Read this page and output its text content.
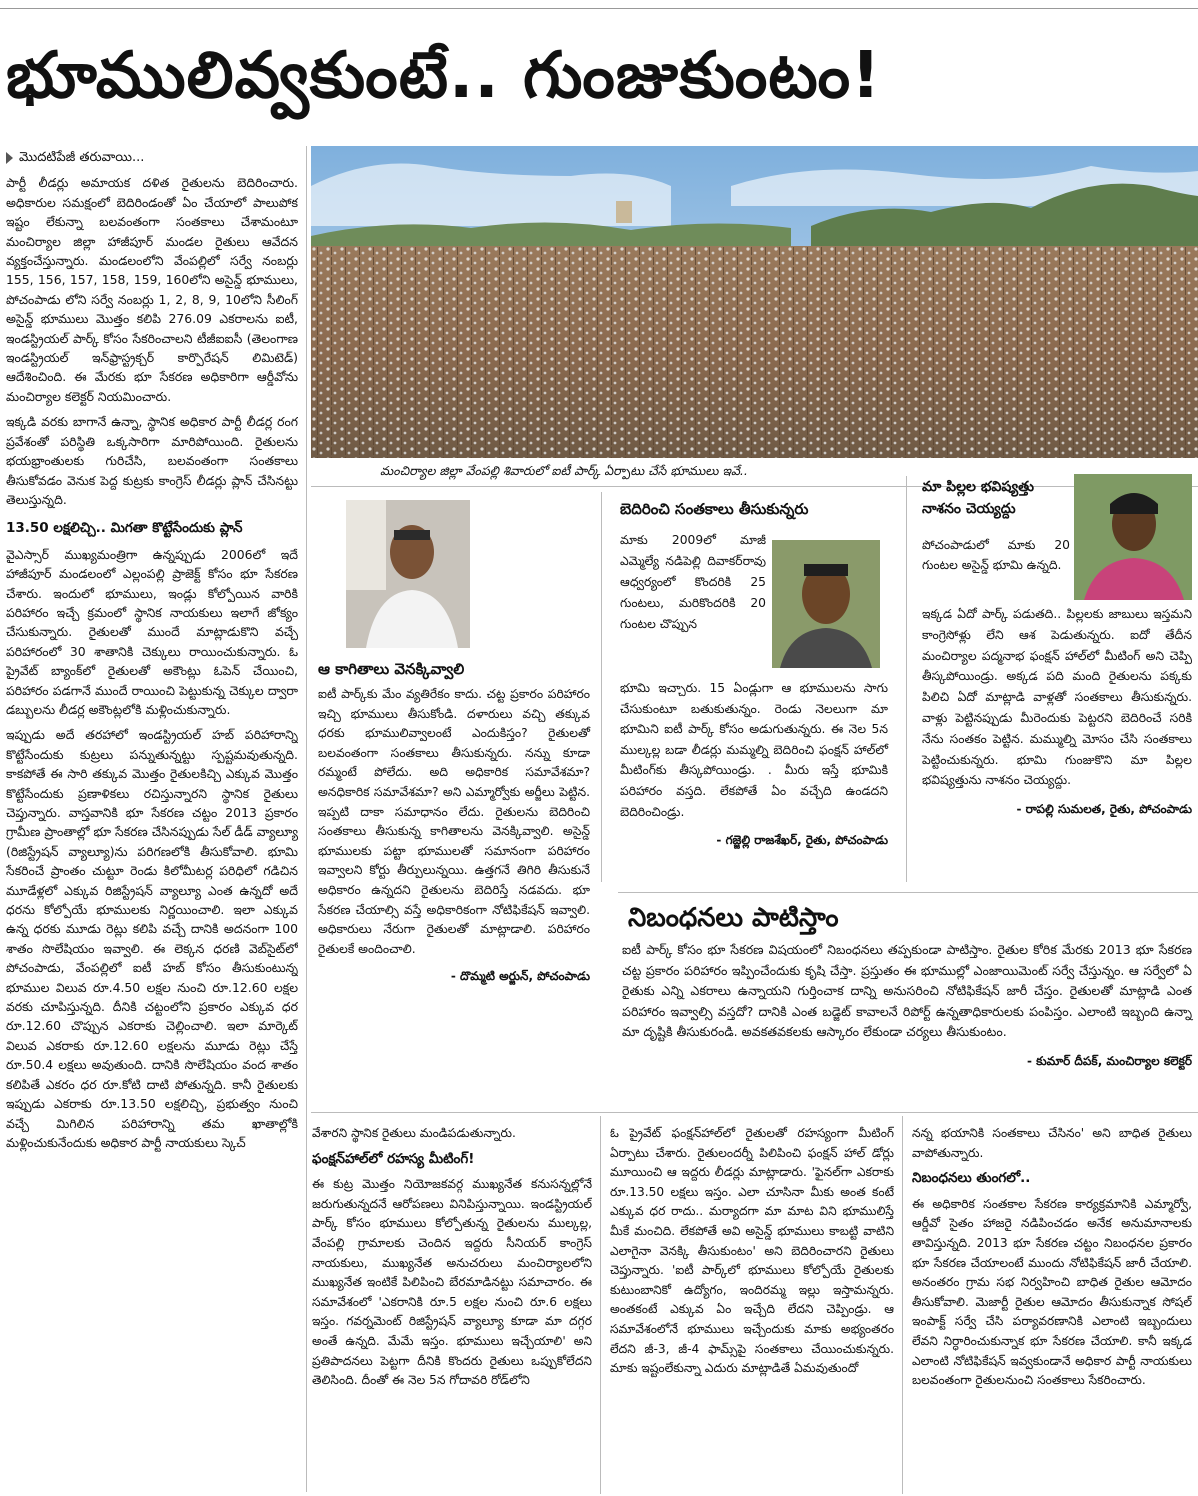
భూములివ్వకుంటే.. గుంజుకుంటం!
మొదటిపేజీ తరువాయి...

పార్టీ లీడర్లు అమాయక దళిత రైతులను బెదిరించారు. అధికారుల సమక్షంలో బెదిరిండంతో ఏం చేయాలో పాలుపోక ఇష్టం లేకున్నా బలవంతంగా సంతకాలు చేశామంటూ మంచిర్యాల జిల్లా హాజీపూర్ మండల రైతులు ఆవేదన వ్యక్తంచేస్తున్నారు. మండలంలోని వేంపల్లిలో సర్వే నంబర్లు 155, 156, 157, 158, 159, 160లోని అసైన్డ్ భూములు, పోచంపాడు లోని సర్వే నంబర్లు 1, 2, 8, 9, 10లోని సీలింగ్ అసైన్డ్ భూములు మొత్తం కలిపి 276.09 ఎకరాలను ఐటీ, ఇండస్ట్రియల్ పార్క్ కోసం సేకరించాలని టీజీఐఐసీ (తెలంగాణ ఇండస్ట్రియల్ ఇన్‌ఫ్రాస్ట్రక్చర్ కార్పొరేషన్ లిమిటెడ్) ఆదేశించింది. ఈ మేరకు భూ సేకరణ అధికారిగా ఆర్డీవోను మంచిర్యాల కలెక్టర్ నియమించారు.

ఇక్కడి వరకు బాగానే ఉన్నా, స్థానిక అధికార పార్టీ లీడర్ల రంగ ప్రవేశంతో పరిస్థితి ఒక్కసారిగా మారిపోయింది. రైతులను భయభ్రాంతులకు గురిచేసి, బలవంతంగా సంతకాలు తీసుకోవడం వెనుక పెద్ద కుట్రకు కాంగ్రెస్ లీడర్లు ప్లాన్ చేసినట్టు తెలుస్తున్నది.

13.50 లక్షలిచ్చి.. మిగతా కొట్టేసేందుకు ప్లాన్

వైఎస్సార్ ముఖ్యమంత్రిగా ఉన్నప్పుడు 2006లో ఇదే హాజీపూర్ మండలంలో ఎల్లంపల్లి ప్రాజెక్ట్ కోసం భూ సేకరణ చేశారు. ఇందులో భూములు, ఇండ్లు కోల్పోయిన వారికి పరిహారం ఇచ్చే క్రమంలో స్థానిక నాయకులు ఇలాగే జోక్యం చేసుకున్నారు. రైతులతో ముందే మాట్లాడుకొని వచ్చే పరిహారంలో 30 శాతానికి చెక్కులు రాయించుకున్నారు. ఓ ప్రైవేట్ బ్యాంక్‌లో రైతులతో అకౌంట్లు ఓపెన్ చేయించి, పరిహారం పడగానే ముందే రాయించి పెట్టుకున్న చెక్కుల ద్వారా డబ్బులను లీడర్ల అకౌంట్లలోకి మళ్లించుకున్నారు.

ఇప్పుడు అదే తరహాలో ఇండస్ట్రియల్ హబ్ పరిహారాన్ని కొట్టేసేందుకు కుట్రలు పన్నుతున్నట్టు స్పష్టమవుతున్నది. కాకపోతే ఈ సారి తక్కువ మొత్తం రైతులకిచ్చి ఎక్కువ మొత్తం కొట్టేసేందుకు ప్రణాళికలు రచిస్తున్నారని స్థానిక రైతులు చెప్తున్నారు. వాస్తవానికి భూ సేకరణ చట్టం 2013 ప్రకారం గ్రామీణ ప్రాంతాల్లో భూ సేకరణ చేసినప్పుడు సేల్ డీడ్ వ్యాల్యూ (రిజిస్ట్రేషన్ వ్యాల్యూ)ను పరిగణలోకి తీసుకోవాలి. భూమి సేకరించే ప్రాంతం చుట్టూ రెండు కిలోమీటర్ల పరిధిలో గడిచిన మూడేళ్లలో ఎక్కువ రిజిస్ట్రేషన్ వ్యాల్యూ ఎంత ఉన్నదో అదే ధరను కోల్పోయే భూములకు నిర్ణయించాలి. ఇలా ఎక్కువ ఉన్న ధరకు మూడు రెట్లు కలిపి వచ్చే దానికి అదనంగా 100 శాతం సొలేషియం ఇవ్వాలి. ఈ లెక్కన ధరణి వెబ్‌సైట్‌లో పోచంపాడు, వేంపల్లిలో ఐటీ హబ్ కోసం తీసుకుంటున్న భూముల విలువ రూ.4.50 లక్షల నుంచి రూ.12.60 లక్షల వరకు చూపిస్తున్నది. దీనికి చట్టంలోని ప్రకారం ఎక్కువ ధర రూ.12.60 చొప్పున ఎకరాకు చెల్లించాలి. ఇలా మార్కెట్ విలువ ఎకరాకు రూ.12.60 లక్షలను మూడు రెట్లు చేస్తే రూ.50.4 లక్షలు అవుతుంది. దానికి సొలేషియం వంద శాతం కలిపితే ఎకరం ధర రూ.కోటి దాటి పోతున్నది. కానీ రైతులకు ఇప్పుడు ఎకరాకు రూ.13.50 లక్షలిచ్చి, ప్రభుత్వం నుంచి వచ్చే మిగిలిన పరిహారాన్ని తమ ఖాతాల్లోకి మళ్లించుకునేందుకు అధికార పార్టీ నాయకులు స్కెచ్

మంచిర్యాల జిల్లా వేంపల్లి శివారులో ఐటీ పార్క్ ఏర్పాటు చేసే భూములు ఇవే..
ఆ కాగితాలు వెనక్కివ్వాలి

ఐటీ పార్క్‌కు మేం వ్యతిరేకం కాదు. చట్ట ప్రకారం పరిహారం ఇచ్చి భూములు తీసుకోండి. దళారులు వచ్చి తక్కువ ధరకు భూములివ్వాలంటే ఎందుకిస్తం? రైతులతో బలవంతంగా సంతకాలు తీసుకున్నరు. నన్ను కూడా రమ్మంటే పోలేదు. అది అధికారిక సమావేశమా? అనధికారిక సమావేశమా? అని ఎమ్మార్వోకు అర్జీలు పెట్టిన. ఇప్పటి దాకా సమాధానం లేదు. రైతులను బెదిరించి సంతకాలు తీసుకున్న కాగితాలను వెనక్కివ్వాలి. అసైన్డ్ భూములకు పట్టా భూములతో సమానంగా పరిహారం ఇవ్వాలని కోర్టు తీర్పులున్నయి. ఉత్తగనే తిగిరి తీసుకునే అధికారం ఉన్నదని రైతులను బెదిరిస్తే నడవదు. భూ సేకరణ చేయాల్సి వస్తే అధికారికంగా నోటిఫికేషన్ ఇవ్వాలి. అధికారులు నేరుగా రైతులతో మాట్లాడాలి. పరిహారం రైతులకే అందించాలి.

- దొమ్మటి అర్జున్, పోచంపాడు
బెదిరించి సంతకాలు తీసుకున్నరు

మాకు 2009లో మాజీ ఎమ్మెల్యే నడిపెల్లి దివాకర్‌రావు ఆధ్వర్యంలో కొందరికి 25 గుంటలు, మరికొందరికి 20 గుంటల చొప్పున

భూమి ఇచ్చారు. 15 ఏండ్లుగా ఆ భూములను సాగు చేసుకుంటూ బతుకుతున్నం. రెండు నెలలుగా మా భూమిని ఐటీ పార్క్ కోసం అడుగుతున్నరు. ఈ నెల 5న ముల్కల్ల బడా లీడర్లు మమ్మల్ని బెదిరించి ఫంక్షన్ హాల్‌లో మీటింగ్‌కు తీస్కపోయిండ్రు. . మీరు ఇస్తే భూమికి పరిహారం వస్తది. లేకపోతే ఏం వచ్చేది ఉండదని బెదిరించిండ్రు.

- గజ్జెల్లి రాజశేఖర్, రైతు, పోచంపాడు
మా పిల్లల భవిష్యత్తు
నాశనం చెయ్యద్దు

పోచంపాడులో మాకు 20 గుంటల అసైన్డ్ భూమి ఉన్నది.

ఇక్కడ ఏదో పార్క్ పడుతది.. పిల్లలకు జాబులు ఇస్తమని కాంగ్రెసోళ్లు లేని ఆశ పెడుతున్నరు. ఐదో తేదీన మంచిర్యాల పద్మనాభ ఫంక్షన్ హాల్‌లో మీటింగ్ అని చెప్పి తీస్కపోయిండ్రు. అక్కడ పది మంది రైతులను పక్కకు పిలిచి ఏదో మాట్లాడి వాళ్లతో సంతకాలు తీసుకున్నరు. వాళ్లు పెట్టినప్పుడు మీరెందుకు పెట్టరని బెదిరించే సరికి నేను సంతకం పెట్టిన. మమ్ముల్ని మోసం చేసి సంతకాలు పెట్టించుకున్నరు. భూమి గుంజుకొని మా పిల్లల భవిష్యత్తును నాశనం చెయ్యద్దు.

- రాపల్లి సుమలత, రైతు, పోచంపాడు
నిబంధనలు పాటిస్తాం

ఐటీ పార్క్ కోసం భూ సేకరణ విషయంలో నిబంధనలు తప్పకుండా పాటిస్తాం. రైతుల కోరిక మేరకు 2013 భూ సేకరణ చట్ట ప్రకారం పరిహారం ఇప్పించేందుకు కృషి చేస్తా. ప్రస్తుతం ఈ భూముల్లో ఎంజాయిమెంట్ సర్వే చేస్తున్నం. ఆ సర్వేలో ఏ రైతుకు ఎన్ని ఎకరాలు ఉన్నాయని గుర్తించాక దాన్ని అనుసరించి నోటిఫికేషన్ జారీ చేస్తం. రైతులతో మాట్లాడి ఎంత పరిహారం ఇవ్వాల్సి వస్తదో? దానికి ఎంత బడ్జెట్ కావాలనే రిపోర్ట్ ఉన్నతాధికారులకు పంపిస్తం. ఎలాంటి ఇబ్బంది ఉన్నా మా దృష్టికి తీసుకురండి. అవకతవకలకు ఆస్కారం లేకుండా చర్యలు తీసుకుంటం.

- కుమార్ దీపక్, మంచిర్యాల కలెక్టర్

వేశారని స్థానిక రైతులు మండిపడుతున్నారు.

ఫంక్షన్‌హాల్‌లో రహస్య మీటింగ్!

ఈ కుట్ర మొత్తం నియోజకవర్గ ముఖ్యనేత కనుసన్నల్లోనే జరుగుతున్నదనే ఆరోపణలు వినిపిస్తున్నాయి. ఇండస్ట్రియల్ పార్క్ కోసం భూములు కోల్పోతున్న రైతులను ముల్కల్ల, వేంపల్లి గ్రామాలకు చెందిన ఇద్దరు సీనియర్ కాంగ్రెస్ నాయకులు, ముఖ్యనేత అనుచరులు మంచిర్యాలలోని ముఖ్యనేత ఇంటికే పిలిపించి బేరమాడినట్టు సమాచారం. ఈ సమావేశంలో 'ఎకరానికి రూ.5 లక్షల నుంచి రూ.6 లక్షలు ఇస్తం. గవర్నమెంట్ రిజిస్ట్రేషన్ వ్యాల్యూ కూడా మా దగ్గర అంతే ఉన్నది. మేమే ఇస్తం. భూములు ఇచ్చేయాలి' అని ప్రతిపాదనలు పెట్టగా దీనికి కొందరు రైతులు ఒప్పుకోలేదని తెలిసింది. దీంతో ఈ నెల 5న గోదావరి రోడ్‌లోని

ఓ ప్రైవేట్ ఫంక్షన్‌హాల్‌లో రైతులతో రహస్యంగా మీటింగ్ ఏర్పాటు చేశారు. రైతులందర్నీ పిలిపించి ఫంక్షన్ హాల్ డోర్లు మూయించి ఆ ఇద్దరు లీడర్లు మాట్లాడారు. 'ఫైనల్‌గా ఎకరాకు రూ.13.50 లక్షలు ఇస్తం. ఎలా చూసినా మీకు అంత కంటే ఎక్కువ ధర రాదు.. మర్యాదగా మా మాట విని భూములిస్తే మీకే మంచిది. లేకపోతే అవి అసైన్డ్ భూములు కాబట్టి వాటిని ఎలాగైనా వెనక్కి తీసుకుంటం' అని బెదిరించారని రైతులు చెప్తున్నారు. 'ఐటీ పార్క్‌లో భూములు కోల్పోయే రైతులకు కుటుంబానికో ఉద్యోగం, ఇందిరమ్మ ఇల్లు ఇస్తామన్నరు. అంతకంటే ఎక్కువ ఏం ఇచ్చేది లేదని చెప్పిండ్రు. ఆ సమావేశంలోనే భూములు ఇచ్చేందుకు మాకు అభ్యంతరం లేదని జీ-3, జీ-4 ఫామ్స్‌పై సంతకాలు చేయించుకున్నరు. మాకు ఇష్టంలేకున్నా ఎదురు మాట్లాడితే ఏమవుతుందో

నన్న భయానికి సంతకాలు చేసినం' అని బాధిత రైతులు వాపోతున్నారు.

నిబంధనలు తుంగలో..

ఈ అధికారిక సంతకాల సేకరణ కార్యక్రమానికి ఎమ్మార్వో, ఆర్డీవో సైతం హాజరై నడిపించడం అనేక అనుమానాలకు తావిస్తున్నది. 2013 భూ సేకరణ చట్టం నిబంధనల ప్రకారం భూ సేకరణ చేయాలంటే ముందు నోటిఫికేషన్ జారీ చేయాలి. అనంతరం గ్రామ సభ నిర్వహించి బాధిత రైతుల ఆమోదం తీసుకోవాలి. మెజార్టీ రైతుల ఆమోదం తీసుకున్నాక సోషల్ ఇంపాక్ట్ సర్వే చేసి పర్యావరణానికి ఎలాంటి ఇబ్బందులు లేవని నిర్ధారించుకున్నాక భూ సేకరణ చేయాలి. కానీ ఇక్కడ ఎలాంటి నోటిఫికేషన్ ఇవ్వకుండానే అధికార పార్టీ నాయకులు బలవంతంగా రైతులనుంచి సంతకాలు సేకరించారు.
